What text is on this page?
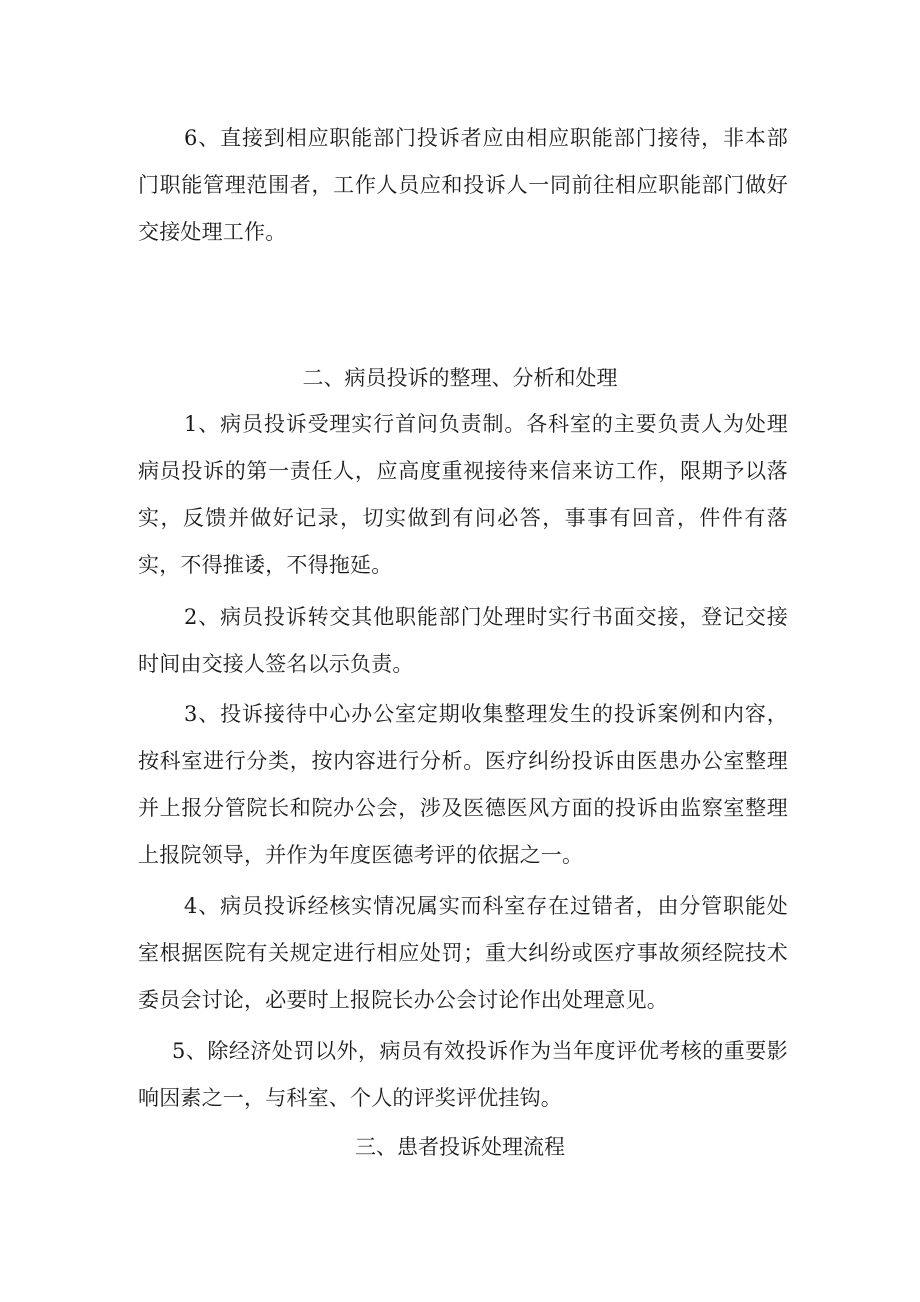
6、直接到相应职能部门投诉者应由相应职能部门接待，非本部门职能管理范围者，工作人员应和投诉人一同前往相应职能部门做好交接处理工作。

二、病员投诉的整理、分析和处理

1、病员投诉受理实行首问负责制。各科室的主要负责人为处理病员投诉的第一责任人，应高度重视接待来信来访工作，限期予以落实，反馈并做好记录，切实做到有问必答，事事有回音，件件有落实，不得推诿，不得拖延。

2、病员投诉转交其他职能部门处理时实行书面交接，登记交接时间由交接人签名以示负责。

3、投诉接待中心办公室定期收集整理发生的投诉案例和内容，按科室进行分类，按内容进行分析。医疗纠纷投诉由医患办公室整理并上报分管院长和院办公会，涉及医德医风方面的投诉由监察室整理上报院领导，并作为年度医德考评的依据之一。

4、病员投诉经核实情况属实而科室存在过错者，由分管职能处室根据医院有关规定进行相应处罚；重大纠纷或医疗事故须经院技术委员会讨论，必要时上报院长办公会讨论作出处理意见。

5、除经济处罚以外，病员有效投诉作为当年度评优考核的重要影响因素之一，与科室、个人的评奖评优挂钩。

三、患者投诉处理流程
